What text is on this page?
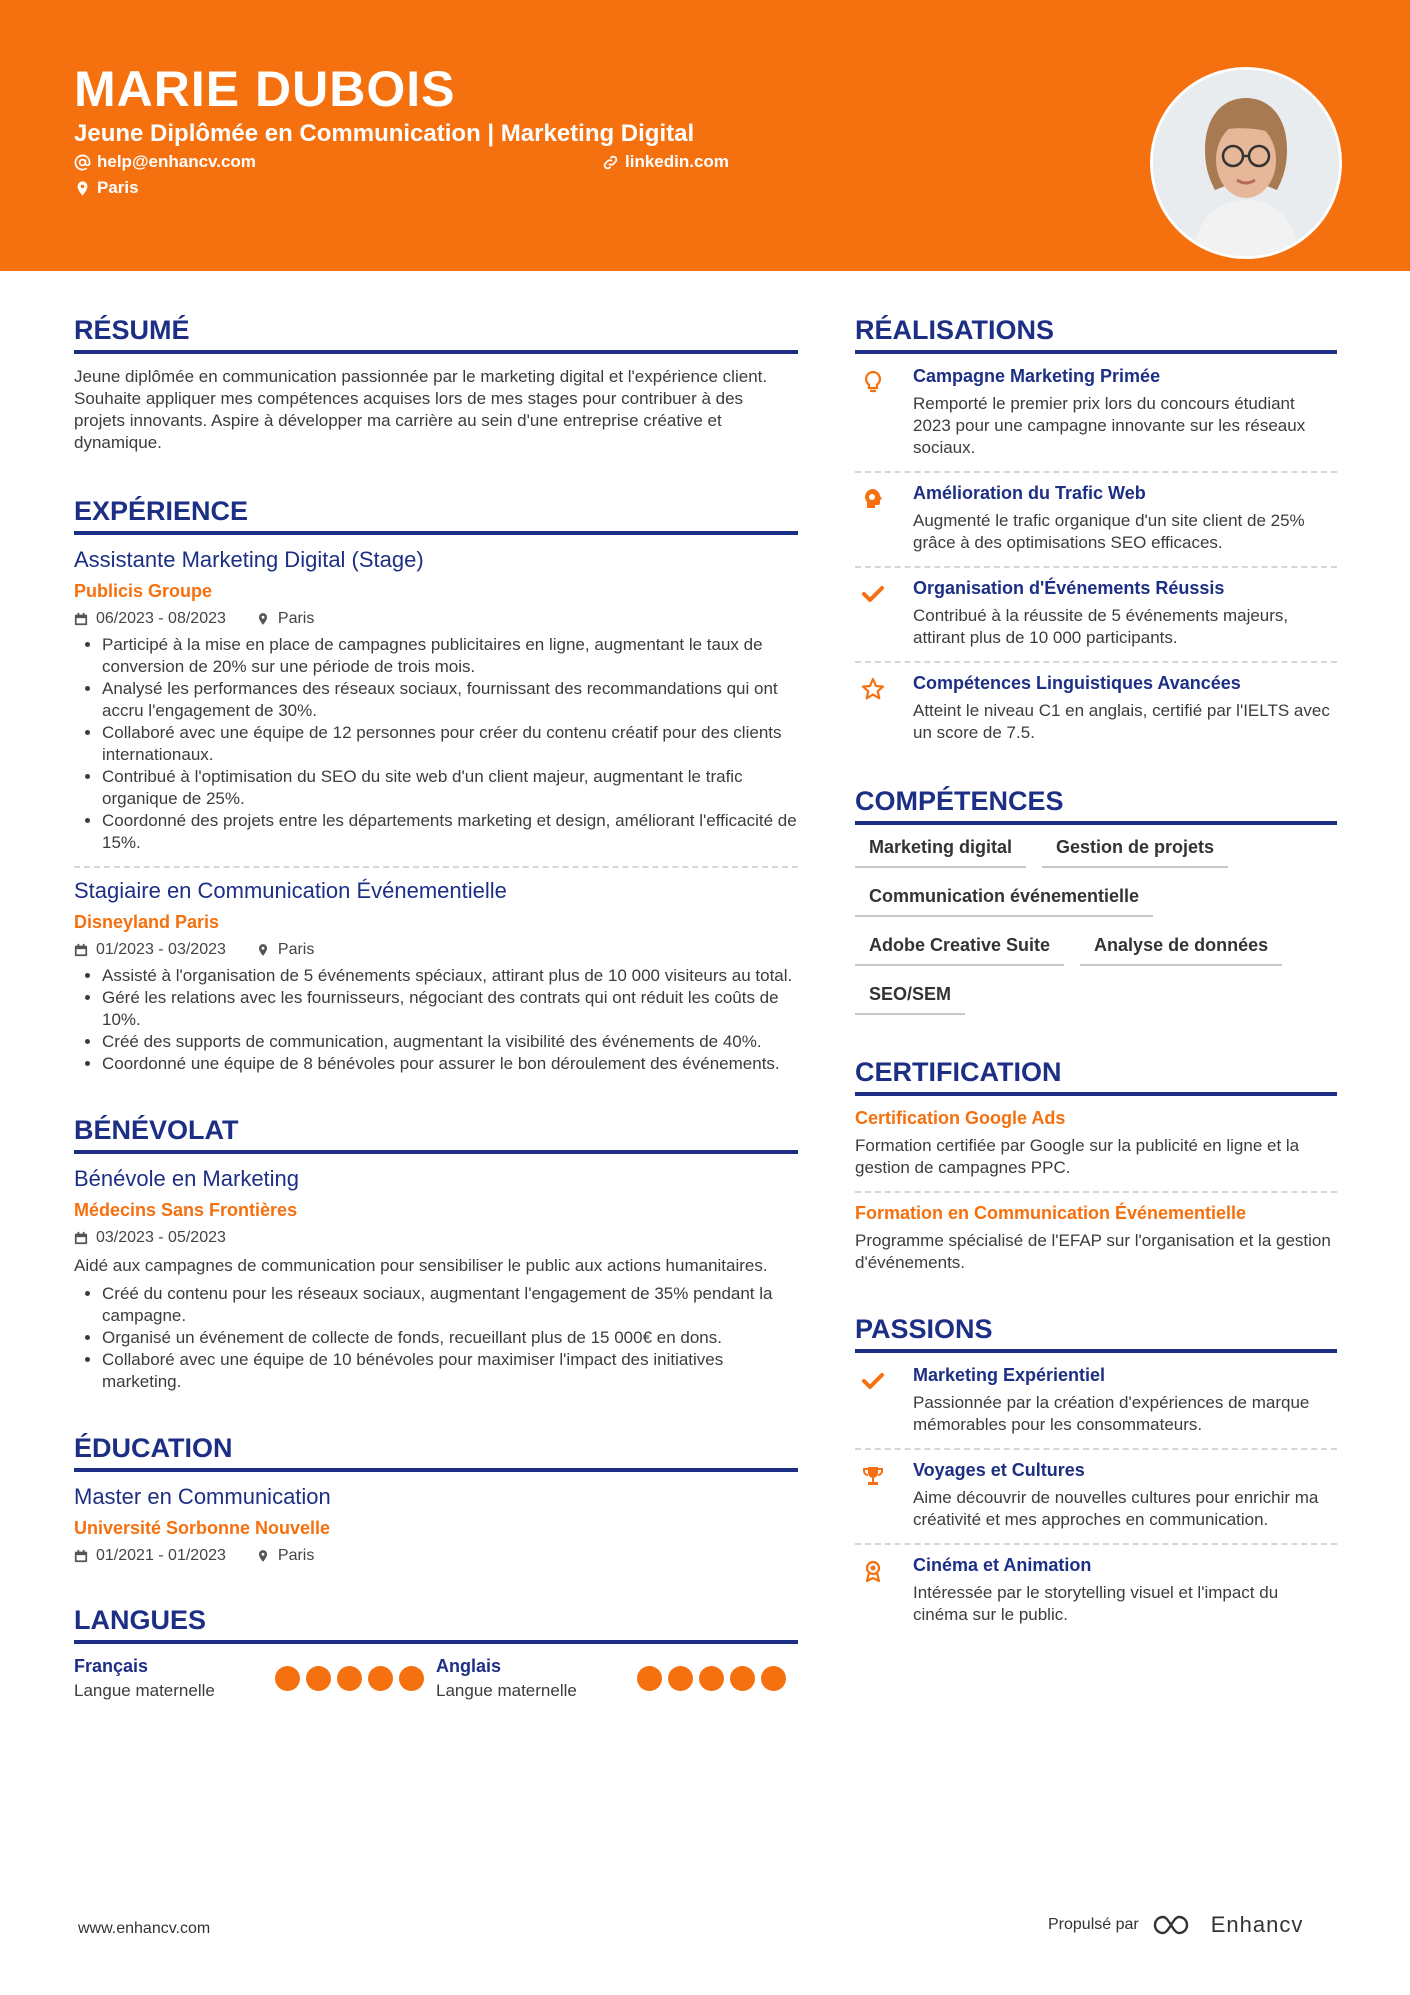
MARIE DUBOIS
Jeune Diplômée en Communication | Marketing Digital
help@enhancv.com	linkedin.com
Paris
RÉSUMÉ
Jeune diplômée en communication passionnée par le marketing digital et l'expérience client. Souhaite appliquer mes compétences acquises lors de mes stages pour contribuer à des projets innovants. Aspire à développer ma carrière au sein d'une entreprise créative et dynamique.
EXPÉRIENCE
Assistante Marketing Digital (Stage)
Publicis Groupe
06/2023 - 08/2023	Paris
• Participé à la mise en place de campagnes publicitaires en ligne, augmentant le taux de conversion de 20% sur une période de trois mois.
• Analysé les performances des réseaux sociaux, fournissant des recommandations qui ont accru l'engagement de 30%.
• Collaboré avec une équipe de 12 personnes pour créer du contenu créatif pour des clients internationaux.
• Contribué à l'optimisation du SEO du site web d'un client majeur, augmentant le trafic organique de 25%.
• Coordonné des projets entre les départements marketing et design, améliorant l'efficacité de 15%.
Stagiaire en Communication Événementielle
Disneyland Paris
01/2023 - 03/2023	Paris
• Assisté à l'organisation de 5 événements spéciaux, attirant plus de 10 000 visiteurs au total.
• Géré les relations avec les fournisseurs, négociant des contrats qui ont réduit les coûts de 10%.
• Créé des supports de communication, augmentant la visibilité des événements de 40%.
• Coordonné une équipe de 8 bénévoles pour assurer le bon déroulement des événements.
BÉNÉVOLAT
Bénévole en Marketing
Médecins Sans Frontières
03/2023 - 05/2023
Aidé aux campagnes de communication pour sensibiliser le public aux actions humanitaires.
• Créé du contenu pour les réseaux sociaux, augmentant l'engagement de 35% pendant la campagne.
• Organisé un événement de collecte de fonds, recueillant plus de 15 000€ en dons.
• Collaboré avec une équipe de 10 bénévoles pour maximiser l'impact des initiatives marketing.
ÉDUCATION
Master en Communication
Université Sorbonne Nouvelle
01/2021 - 01/2023	Paris
LANGUES
Français
Langue maternelle
Anglais
Langue maternelle
RÉALISATIONS
Campagne Marketing Primée
Remporté le premier prix lors du concours étudiant 2023 pour une campagne innovante sur les réseaux sociaux.
Amélioration du Trafic Web
Augmenté le trafic organique d'un site client de 25% grâce à des optimisations SEO efficaces.
Organisation d'Événements Réussis
Contribué à la réussite de 5 événements majeurs, attirant plus de 10 000 participants.
Compétences Linguistiques Avancées
Atteint le niveau C1 en anglais, certifié par l'IELTS avec un score de 7.5.
COMPÉTENCES
Marketing digital	Gestion de projets
Communication événementielle
Adobe Creative Suite	Analyse de données
SEO/SEM
CERTIFICATION
Certification Google Ads
Formation certifiée par Google sur la publicité en ligne et la gestion de campagnes PPC.
Formation en Communication Événementielle
Programme spécialisé de l'EFAP sur l'organisation et la gestion d'événements.
PASSIONS
Marketing Expérientiel
Passionnée par la création d'expériences de marque mémorables pour les consommateurs.
Voyages et Cultures
Aime découvrir de nouvelles cultures pour enrichir ma créativité et mes approches en communication.
Cinéma et Animation
Intéressée par le storytelling visuel et l'impact du cinéma sur le public.
www.enhancv.com	Propulsé par	Enhancv
